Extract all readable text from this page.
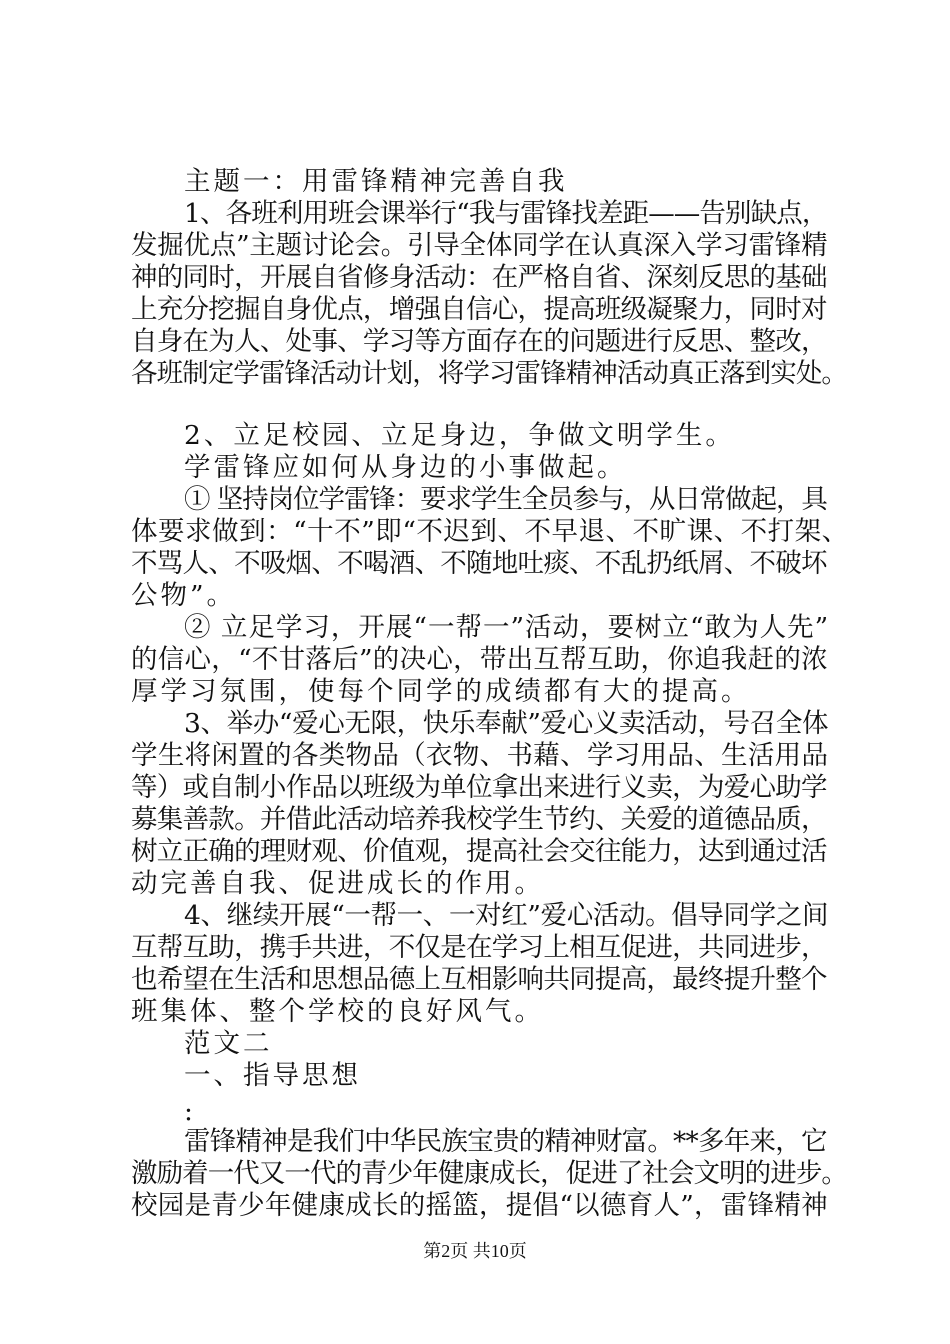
主题一：用雷锋精神完善自我
1、各班利用班会课举行“我与雷锋找差距——告别缺点，
发掘优点”主题讨论会。引导全体同学在认真深入学习雷锋精
神的同时，开展自省修身活动：在严格自省、深刻反思的基础
上充分挖掘自身优点，增强自信心，提高班级凝聚力，同时对
自身在为人、处事、学习等方面存在的问题进行反思、整改，
各班制定学雷锋活动计划，将学习雷锋精神活动真正落到实处。
2、立足校园、立足身边，争做文明学生。
学雷锋应如何从身边的小事做起。
① 坚持岗位学雷锋：要求学生全员参与，从日常做起，具
体要求做到：“十不”即“不迟到、不早退、不旷课、不打架、
不骂人、不吸烟、不喝酒、不随地吐痰、不乱扔纸屑、不破坏
公物”。
② 立足学习，开展“一帮一”活动，要树立“敢为人先”
的信心，“不甘落后”的决心，带出互帮互助，你追我赶的浓
厚学习氛围，使每个同学的成绩都有大的提高。
3、举办“爱心无限，快乐奉献”爱心义卖活动，号召全体
学生将闲置的各类物品（衣物、书藉、学习用品、生活用品
等）或自制小作品以班级为单位拿出来进行义卖，为爱心助学
募集善款。并借此活动培养我校学生节约、关爱的道德品质，
树立正确的理财观、价值观，提高社会交往能力，达到通过活
动完善自我、促进成长的作用。
4、继续开展“一帮一、一对红”爱心活动。倡导同学之间
互帮互助，携手共进，不仅是在学习上相互促进，共同进步，
也希望在生活和思想品德上互相影响共同提高，最终提升整个
班集体、整个学校的良好风气。
范文二
一、指导思想
:
雷锋精神是我们中华民族宝贵的精神财富。**多年来，它
激励着一代又一代的青少年健康成长，促进了社会文明的进步。
校园是青少年健康成长的摇篮，提倡“以德育人”，雷锋精神
第2页 共10页
